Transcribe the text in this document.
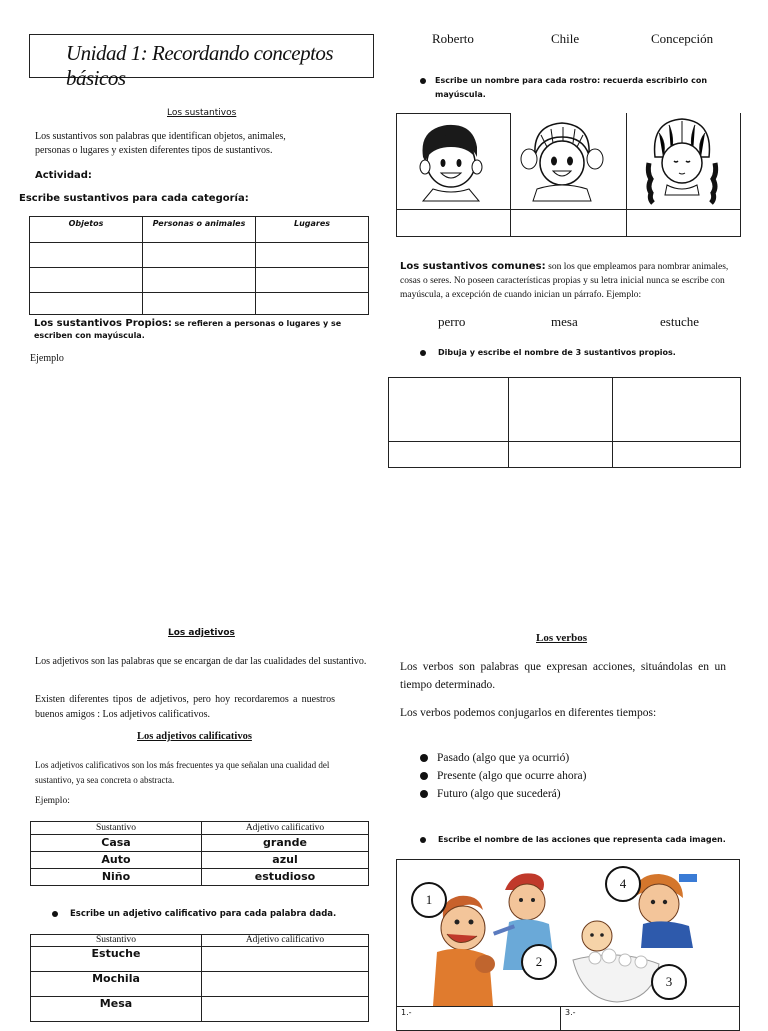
Unidad 1: Recordando conceptos básicos
Los sustantivos
Los sustantivos son palabras que identifican objetos, animales, personas o lugares y existen diferentes tipos de sustantivos.
Actividad:
Escribe sustantivos para cada categoría:
Objetos	Personas o animales	Lugares

Los sustantivos Propios: se refieren a personas o lugares y se escriben con mayúscula.
Ejemplo
Roberto	Chile	Concepción
Escribe un nombre para cada rostro: recuerda escribirlo con mayúscula.
Los sustantivos comunes: son los que empleamos para nombrar animales, cosas o seres. No poseen características propias y su letra inicial nunca se escribe con mayúscula, a excepción de cuando inician un párrafo. Ejemplo:
perro	mesa	estuche
Dibuja y escribe el nombre de 3 sustantivos propios.

Los adjetivos
Los adjetivos son las palabras que se encargan de dar las cualidades del sustantivo.
Existen diferentes tipos de adjetivos, pero hoy recordaremos a nuestros buenos amigos : Los adjetivos calificativos.
Los adjetivos calificativos
Los adjetivos calificativos son los más frecuentes ya que señalan una cualidad del sustantivo, ya sea concreta o abstracta.
Ejemplo:
Sustantivo	Adjetivo calificativo
Casa	grande
Auto	azul
Niño	estudioso
Escribe un adjetivo calificativo para cada palabra dada.
Sustantivo	Adjetivo calificativo
Estuche	
Mochila	
Mesa	
Los verbos
Los verbos son palabras que expresan acciones, situándolas en un tiempo determinado.
Los verbos podemos conjugarlos en diferentes tiempos:
Pasado (algo que ya ocurrió)
Presente (algo que ocurre ahora)
Futuro (algo que sucederá)
Escribe el nombre de las acciones que representa cada imagen.
1
2
3
4
1.-	3.-
